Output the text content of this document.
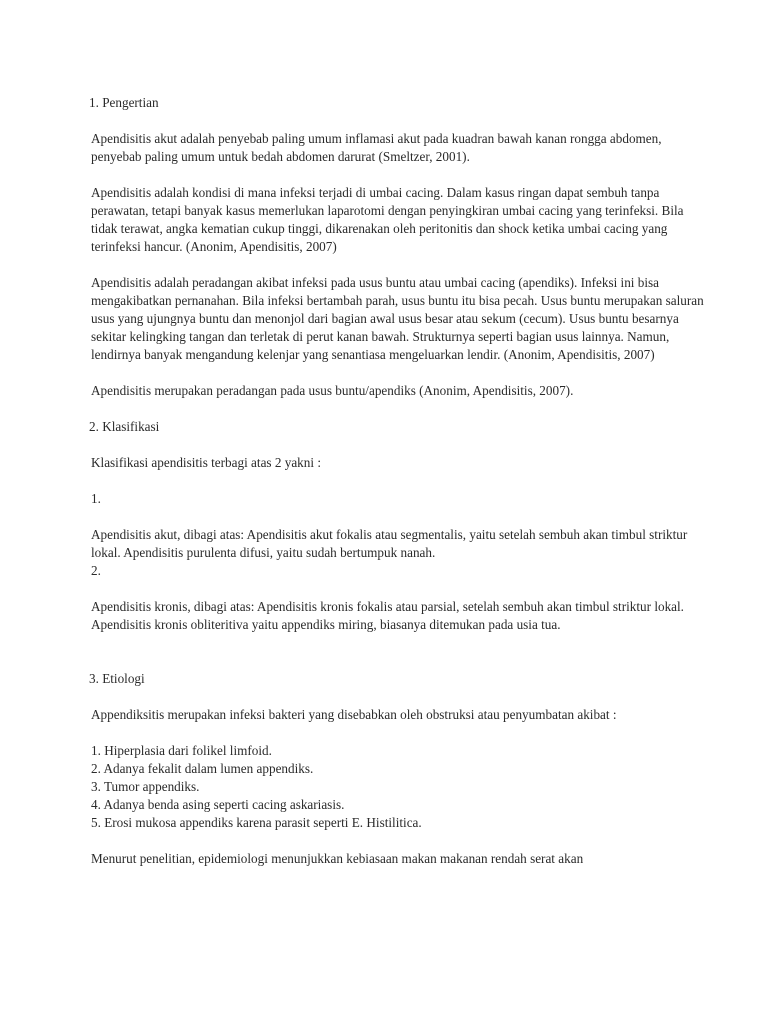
1. Pengertian
Apendisitis akut adalah penyebab paling umum inflamasi akut pada kuadran bawah kanan rongga abdomen, penyebab paling umum untuk bedah abdomen darurat (Smeltzer, 2001).
Apendisitis adalah kondisi di mana infeksi terjadi di umbai cacing. Dalam kasus ringan dapat sembuh tanpa perawatan, tetapi banyak kasus memerlukan laparotomi dengan penyingkiran umbai cacing yang terinfeksi. Bila tidak terawat, angka kematian cukup tinggi, dikarenakan oleh peritonitis dan shock ketika umbai cacing yang terinfeksi hancur. (Anonim, Apendisitis, 2007)
Apendisitis adalah peradangan akibat infeksi pada usus buntu atau umbai cacing (apendiks). Infeksi ini bisa mengakibatkan pernanahan. Bila infeksi bertambah parah, usus buntu itu bisa pecah. Usus buntu merupakan saluran usus yang ujungnya buntu dan menonjol dari bagian awal usus besar atau sekum (cecum). Usus buntu besarnya sekitar kelingking tangan dan terletak di perut kanan bawah. Strukturnya seperti bagian usus lainnya. Namun, lendirnya banyak mengandung kelenjar yang senantiasa mengeluarkan lendir. (Anonim, Apendisitis, 2007)
Apendisitis merupakan peradangan pada usus buntu/apendiks (Anonim, Apendisitis, 2007).
2. Klasifikasi
Klasifikasi apendisitis terbagi atas 2 yakni :
1.
Apendisitis akut, dibagi atas: Apendisitis akut fokalis atau segmentalis, yaitu setelah sembuh akan timbul striktur lokal. Apendisitis purulenta difusi, yaitu sudah bertumpuk nanah.
2.
Apendisitis kronis, dibagi atas: Apendisitis kronis fokalis atau parsial, setelah sembuh akan timbul striktur lokal. Apendisitis kronis obliteritiva yaitu appendiks miring, biasanya ditemukan pada usia tua.
3. Etiologi
Appendiksitis merupakan infeksi bakteri yang disebabkan oleh obstruksi atau penyumbatan akibat :
1. Hiperplasia dari folikel limfoid.
2. Adanya fekalit dalam lumen appendiks.
3. Tumor appendiks.
4. Adanya benda asing seperti cacing askariasis.
5. Erosi mukosa appendiks karena parasit seperti E. Histilitica.
Menurut penelitian, epidemiologi menunjukkan kebiasaan makan makanan rendah serat akan
